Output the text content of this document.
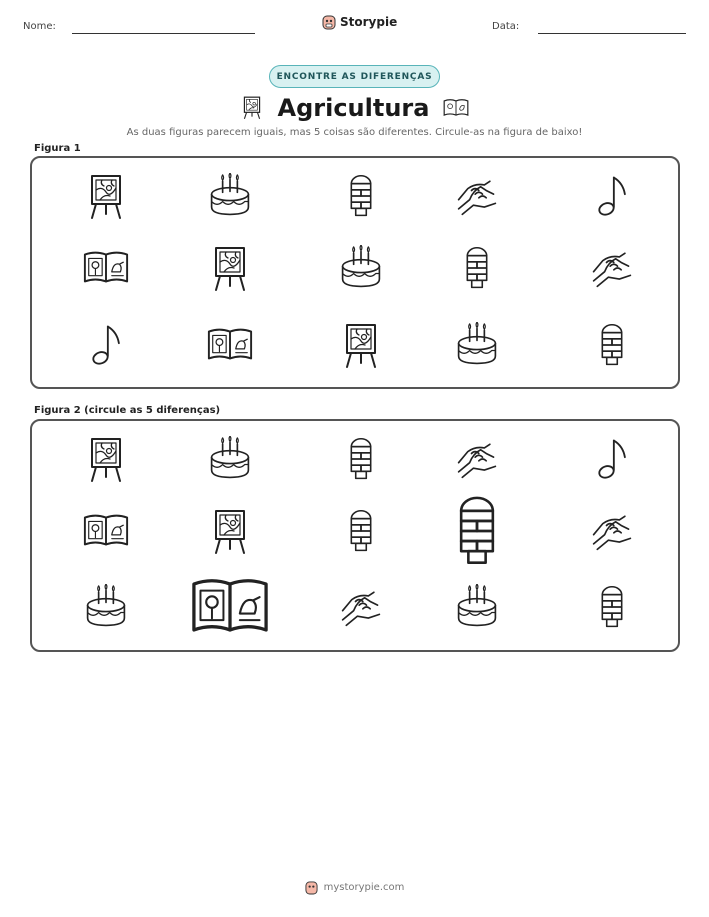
Nome:	Storypie	Data:
ENCONTRE AS DIFERENÇAS
Agricultura
As duas figuras parecem iguais, mas 5 coisas são diferentes. Circule-as na figura de baixo!
Figura 1
Figura 2 (circule as 5 diferenças)
mystorypie.com
